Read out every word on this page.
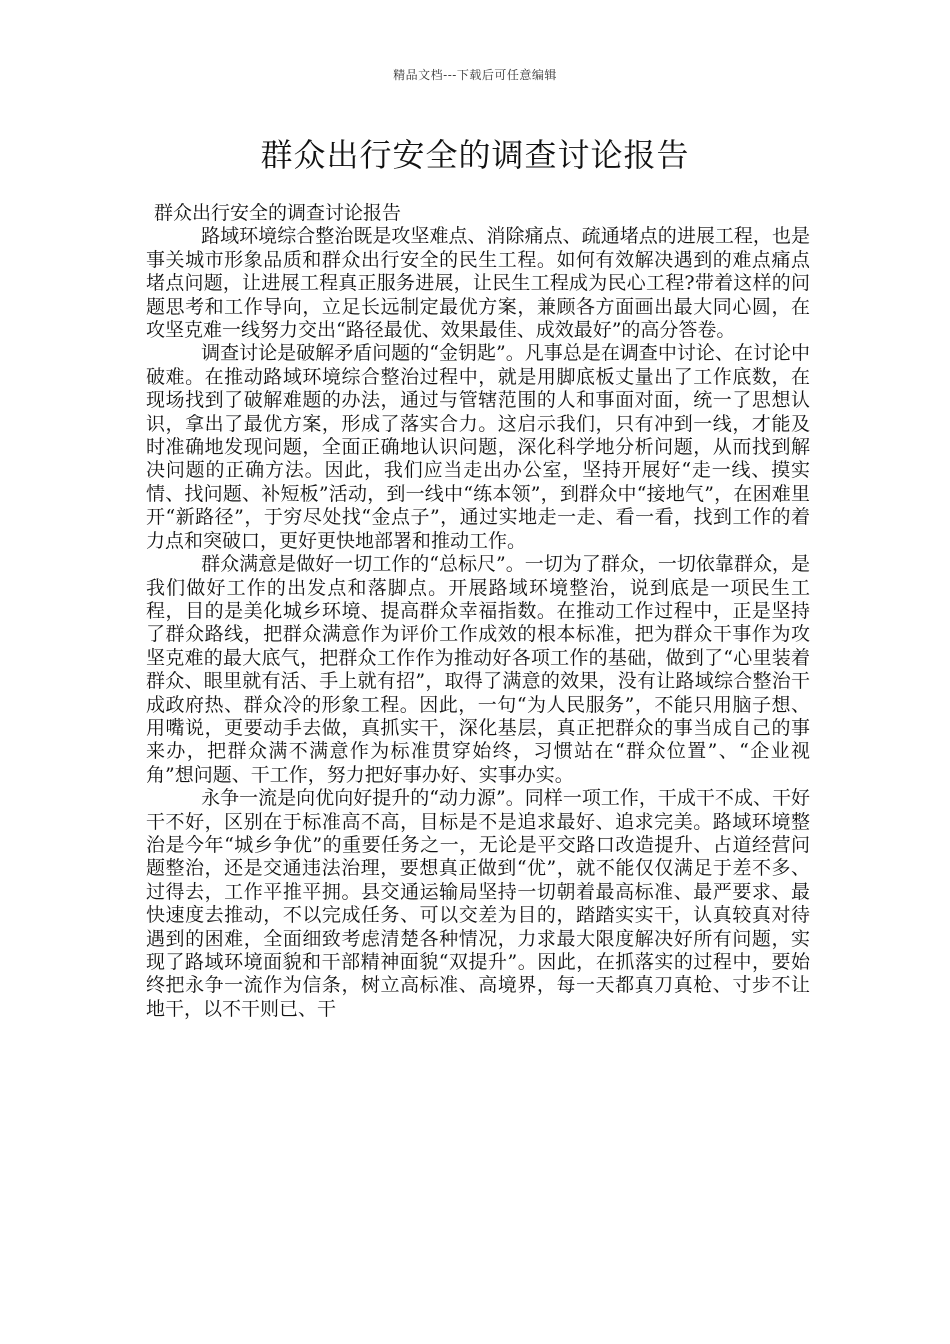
精品文档---下载后可任意编辑
群众出行安全的调查讨论报告

群众出行安全的调查讨论报告

路域环境综合整治既是攻坚难点、消除痛点、疏通堵点的进展工程，也是事关城市形象品质和群众出行安全的民生工程。如何有效解决遇到的难点痛点堵点问题，让进展工程真正服务进展，让民生工程成为民心工程?带着这样的问题思考和工作导向，立足长远制定最优方案，兼顾各方面画出最大同心圆，在攻坚克难一线努力交出“路径最优、效果最佳、成效最好”的高分答卷。

调查讨论是破解矛盾问题的“金钥匙”。凡事总是在调查中讨论、在讨论中破难。在推动路域环境综合整治过程中，就是用脚底板丈量出了工作底数，在现场找到了破解难题的办法，通过与管辖范围的人和事面对面，统一了思想认识，拿出了最优方案，形成了落实合力。这启示我们，只有冲到一线，才能及时准确地发现问题，全面正确地认识问题，深化科学地分析问题，从而找到解决问题的正确方法。因此，我们应当走出办公室，坚持开展好“走一线、摸实情、找问题、补短板”活动，到一线中“练本领”，到群众中“接地气”，在困难里开“新路径”，于穷尽处找“金点子”，通过实地走一走、看一看，找到工作的着力点和突破口，更好更快地部署和推动工作。

群众满意是做好一切工作的“总标尺”。一切为了群众，一切依靠群众，是我们做好工作的出发点和落脚点。开展路域环境整治，说到底是一项民生工程，目的是美化城乡环境、提高群众幸福指数。在推动工作过程中，正是坚持了群众路线，把群众满意作为评价工作成效的根本标准，把为群众干事作为攻坚克难的最大底气，把群众工作作为推动好各项工作的基础，做到了“心里装着群众、眼里就有活、手上就有招”，取得了满意的效果，没有让路域综合整治干成政府热、群众冷的形象工程。因此，一句“为人民服务”，不能只用脑子想、用嘴说，更要动手去做，真抓实干，深化基层，真正把群众的事当成自己的事来办，把群众满不满意作为标准贯穿始终，习惯站在“群众位置”、“企业视角”想问题、干工作，努力把好事办好、实事办实。

永争一流是向优向好提升的“动力源”。同样一项工作，干成干不成、干好干不好，区别在于标准高不高，目标是不是追求最好、追求完美。路域环境整治是今年“城乡争优”的重要任务之一，无论是平交路口改造提升、占道经营问题整治，还是交通违法治理，要想真正做到“优”，就不能仅仅满足于差不多、过得去，工作平推平拥。县交通运输局坚持一切朝着最高标准、最严要求、最快速度去推动，不以完成任务、可以交差为目的，踏踏实实干，认真较真对待遇到的困难，全面细致考虑清楚各种情况，力求最大限度解决好所有问题，实现了路域环境面貌和干部精神面貌“双提升”。因此，在抓落实的过程中，要始终把永争一流作为信条，树立高标准、高境界，每一天都真刀真枪、寸步不让地干，以不干则已、干
